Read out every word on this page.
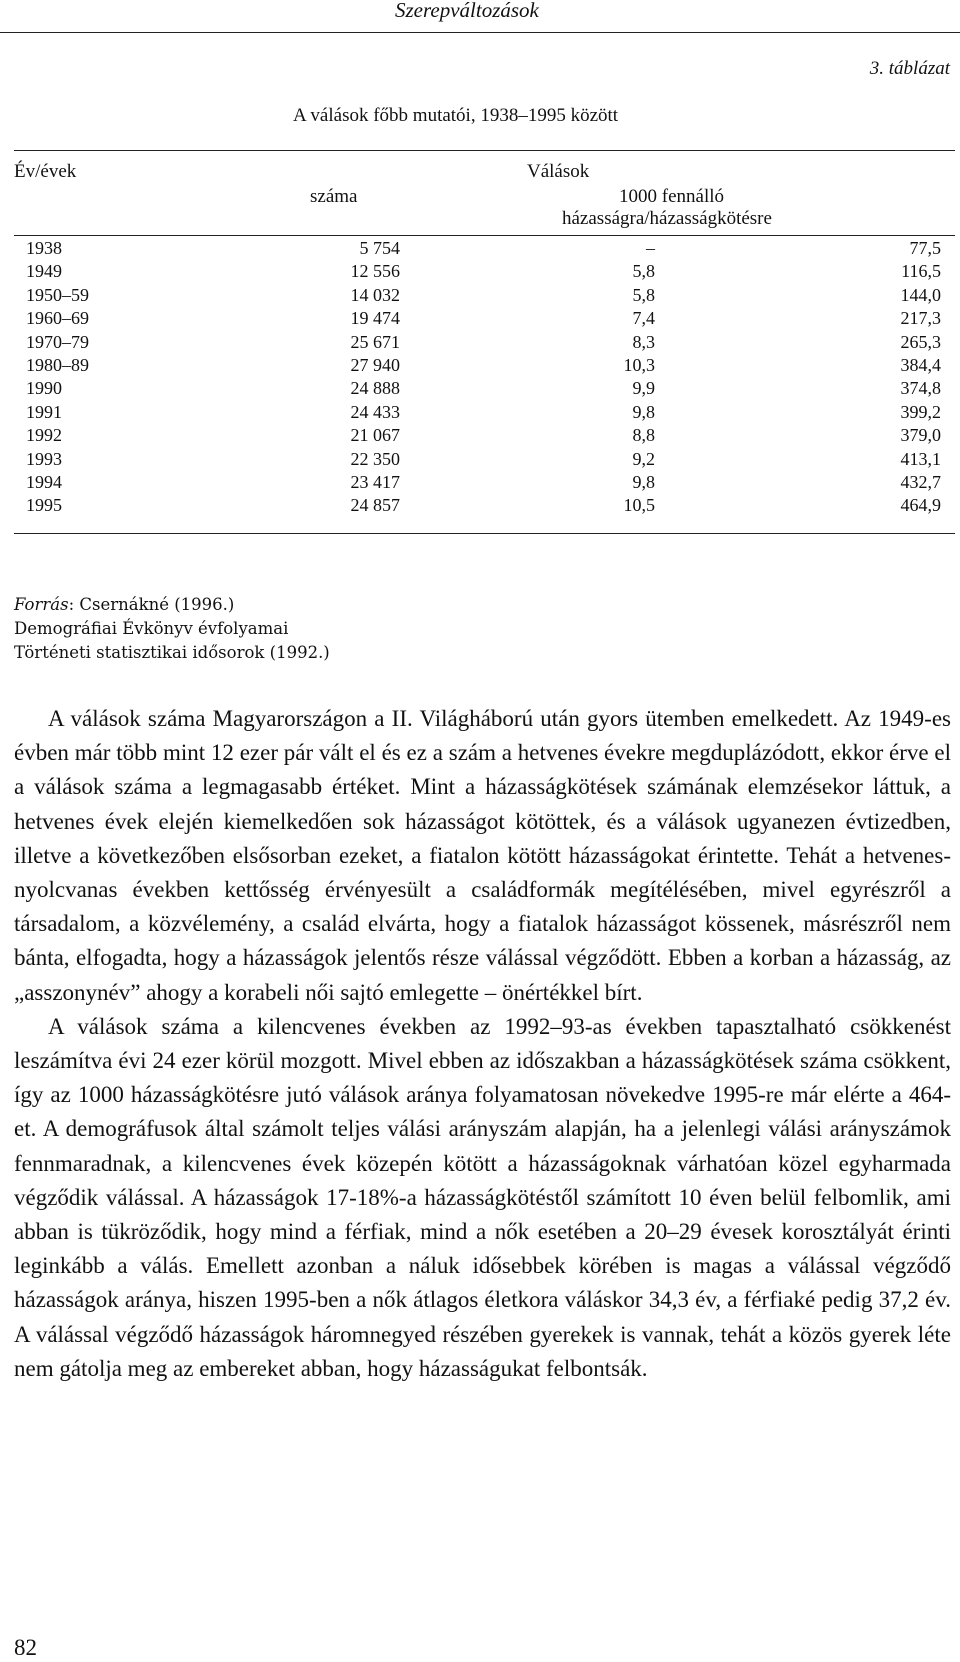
Szerepváltozások
3. táblázat
A válások főbb mutatói, 1938–1995 között
Év/évek	Válások
száma	1000 fennálló
házasságra/házasságkötésre
1938	5 754	–	77,5
1949	12 556	5,8	116,5
1950–59	14 032	5,8	144,0
1960–69	19 474	7,4	217,3
1970–79	25 671	8,3	265,3
1980–89	27 940	10,3	384,4
1990	24 888	9,9	374,8
1991	24 433	9,8	399,2
1992	21 067	8,8	379,0
1993	22 350	9,2	413,1
1994	23 417	9,8	432,7
1995	24 857	10,5	464,9
Forrás: Csernákné (1996.)
Demográfiai Évkönyv évfolyamai
Történeti statisztikai idősorok (1992.)

A válások száma Magyarországon a II. Világháború után gyors ütemben emelkedett. Az 1949-es évben már több mint 12 ezer pár vált el és ez a szám a hetvenes évekre megduplázódott, ekkor érve el a válások száma a legmagasabb értéket. Mint a házasságkötések számának elemzésekor láttuk, a hetvenes évek elején kiemelkedően sok házasságot kötöttek, és a válások ugyanezen évtizedben, illetve a következőben elsősorban ezeket, a fiatalon kötött házasságokat érintette. Tehát a hetvenes-nyolcvanas években kettősség érvényesült a családformák megítélésében, mivel egyrészről a társadalom, a közvélemény, a család elvárta, hogy a fiatalok házasságot kössenek, másrészről nem bánta, elfogadta, hogy a házasságok jelentős része válással végződött. Ebben a korban a házasság, az „asszonynév” ahogy a korabeli női sajtó emlegette – önértékkel bírt.

A válások száma a kilencvenes években az 1992–93-as években tapasztalható csökkenést leszámítva évi 24 ezer körül mozgott. Mivel ebben az időszakban a házasságkötések száma csökkent, így az 1000 házasságkötésre jutó válások aránya folyamatosan növekedve 1995-re már elérte a 464-et. A demográfusok által számolt teljes válási arányszám alapján, ha a jelenlegi válási arányszámok fennmaradnak, a kilencvenes évek közepén kötött a házasságoknak várhatóan közel egyharmada végződik válással. A házasságok 17-18%-a házasságkötéstől számított 10 éven belül felbomlik, ami abban is tükröződik, hogy mind a férfiak, mind a nők esetében a 20–29 évesek korosztályát érinti leginkább a válás. Emellett azonban a náluk idősebbek körében is magas a válással végződő házasságok aránya, hiszen 1995-ben a nők átlagos életkora váláskor 34,3 év, a férfiaké pedig 37,2 év. A válással végződő házasságok háromnegyed részében gyerekek is vannak, tehát a közös gyerek léte nem gátolja meg az embereket abban, hogy házasságukat felbontsák.

82
